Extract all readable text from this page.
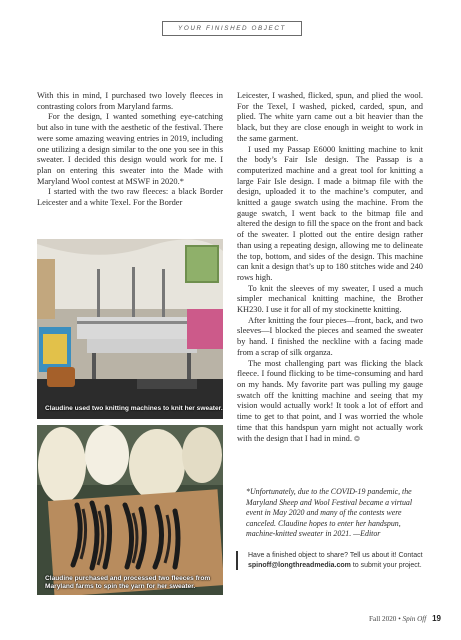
YOUR FINISHED OBJECT

With this in mind, I purchased two lovely fleeces in contrasting colors from Maryland farms.

For the design, I wanted something eye-catching but also in tune with the aesthetic of the festival. There were some amazing weaving entries in 2019, including one utilizing a design similar to the one you see in this sweater. I decided this design would work for me. I plan on entering this sweater into the Made with Maryland Wool contest at MSWF in 2020.*

I started with the two raw fleeces: a black Border Leicester and a white Texel. For the Border

Claudine used two knitting machines to knit her sweater.
Claudine purchased and processed two fleeces from Maryland farms to spin the yarn for her sweater.

Leicester, I washed, flicked, spun, and plied the wool. For the Texel, I washed, picked, carded, spun, and plied. The white yarn came out a bit heavier than the black, but they are close enough in weight to work in the same garment.

I used my Passap E6000 knitting machine to knit the body’s Fair Isle design. The Passap is a computerized machine and a great tool for knitting a large Fair Isle design. I made a bitmap file with the design, uploaded it to the machine’s computer, and knitted a gauge swatch using the machine. From the gauge swatch, I went back to the bitmap file and altered the design to fill the space on the front and back of the sweater. I plotted out the entire design rather than using a repeating design, allowing me to delineate the top, bottom, and sides of the design. This machine can knit a design that’s up to 180 stitches wide and 240 rows high.

To knit the sleeves of my sweater, I used a much simpler mechanical knitting machine, the Brother KH230. I use it for all of my stockinette knitting.

After knitting the four pieces—front, back, and two sleeves—I blocked the pieces and seamed the sweater by hand. I finished the neckline with a facing made from a scrap of silk organza.

The most challenging part was flicking the black fleece. I found flicking to be time-consuming and hard on my hands. My favorite part was pulling my gauge swatch off the knitting machine and seeing that my vision would actually work! It took a lot of effort and time to get to that point, and I was worried the whole time that this handspun yarn might not actually work with the design that I had in mind. ❂

*Unfortunately, due to the COVID-19 pandemic, the Maryland Sheep and Wool Festival became a virtual event in May 2020 and many of the contests were canceled. Claudine hopes to enter her handspun, machine-knitted sweater in 2021. —Editor
Have a finished object to share? Tell us about it! Contact spinoff@longthreadmedia.com to submit your project.
Fall 2020 • Spin Off 19
